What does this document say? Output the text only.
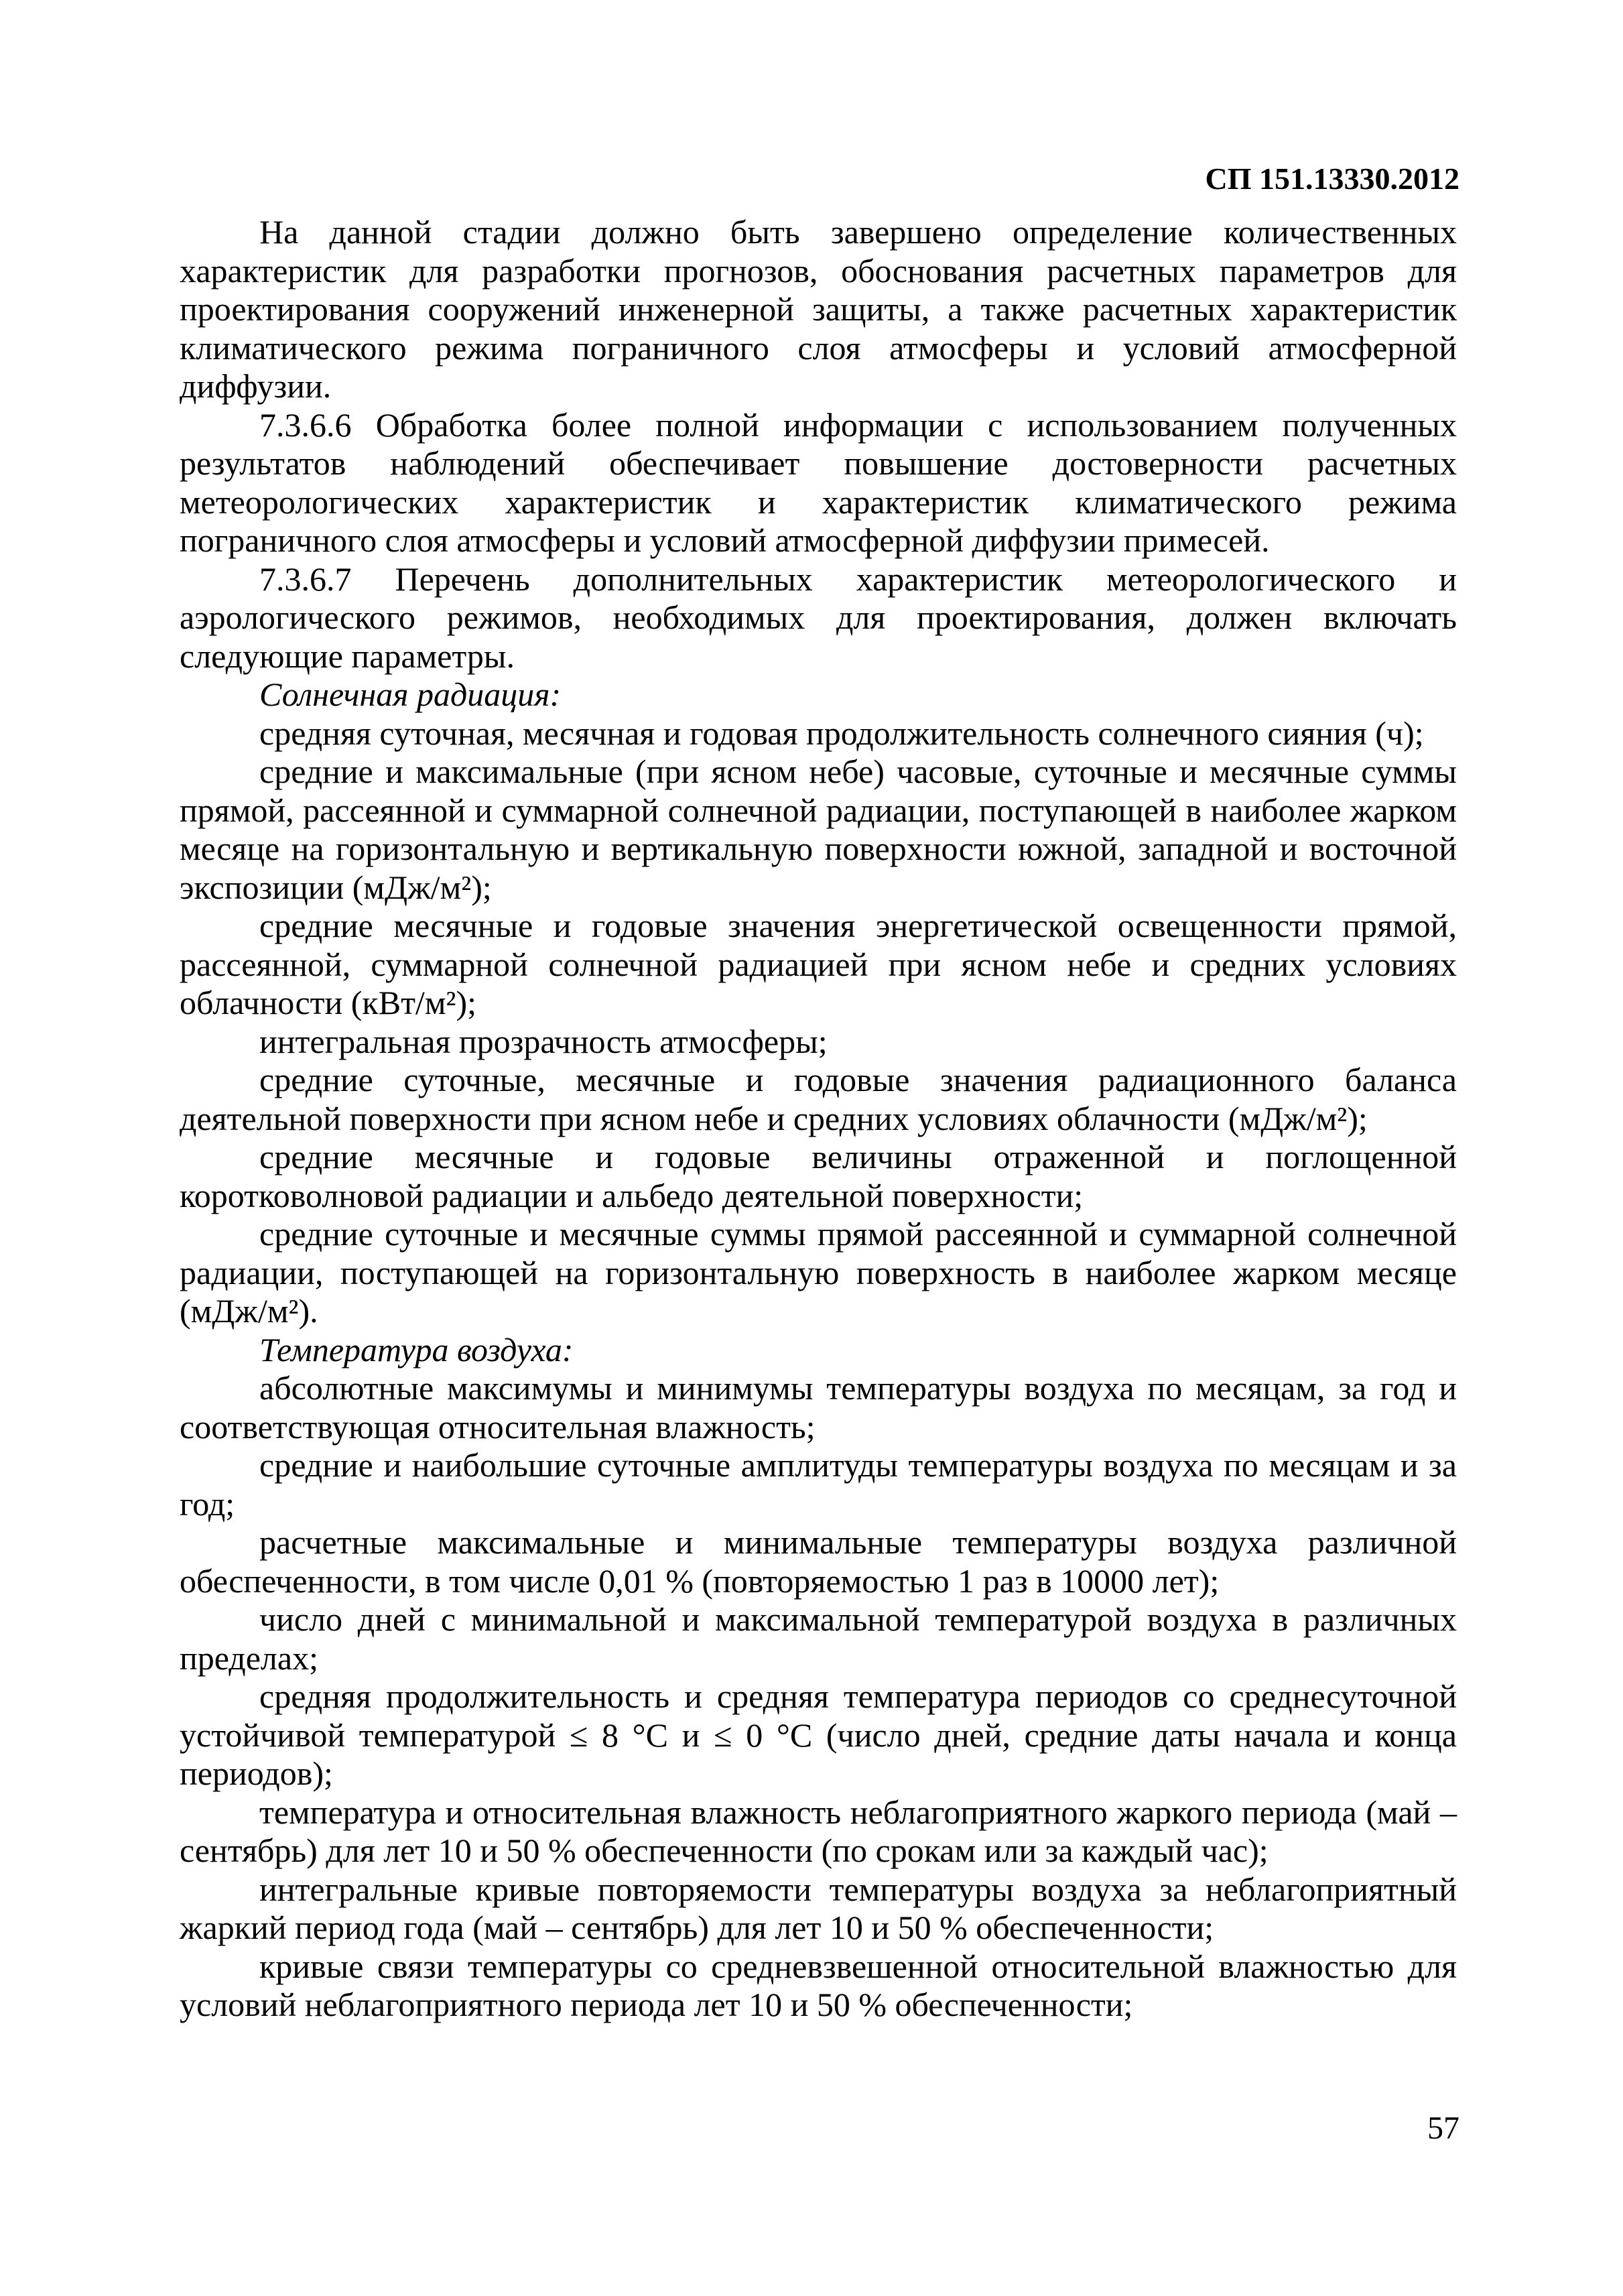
СП 151.13330.2012

На данной стадии должно быть завершено определение количественных характеристик для разработки прогнозов, обоснования расчетных параметров для проектирования сооружений инженерной защиты, а также расчетных характеристик климатического режима пограничного слоя атмосферы и условий атмосферной диффузии.

7.3.6.6 Обработка более полной информации с использованием полученных результатов наблюдений обеспечивает повышение достоверности расчетных метеорологических характеристик и характеристик климатического режима пограничного слоя атмосферы и условий атмосферной диффузии примесей.

7.3.6.7 Перечень дополнительных характеристик метеорологического и аэрологического режимов, необходимых для проектирования, должен включать следующие параметры.

Солнечная радиация:

средняя суточная, месячная и годовая продолжительность солнечного сияния (ч);

средние и максимальные (при ясном небе) часовые, суточные и месячные суммы прямой, рассеянной и суммарной солнечной радиации, поступающей в наиболее жарком месяце на горизонтальную и вертикальную поверхности южной, западной и восточной экспозиции (мДж/м²);

средние месячные и годовые значения энергетической освещенности прямой, рассеянной, суммарной солнечной радиацией при ясном небе и средних условиях облачности (кВт/м²);

интегральная прозрачность атмосферы;

средние суточные, месячные и годовые значения радиационного баланса деятельной поверхности при ясном небе и средних условиях облачности (мДж/м²);

средние месячные и годовые величины отраженной и поглощенной коротковолновой радиации и альбедо деятельной поверхности;

средние суточные и месячные суммы прямой рассеянной и суммарной солнечной радиации, поступающей на горизонтальную поверхность в наиболее жарком месяце (мДж/м²).

Температура воздуха:

абсолютные максимумы и минимумы температуры воздуха по месяцам, за год и соответствующая относительная влажность;

средние и наибольшие суточные амплитуды температуры воздуха по месяцам и за год;

расчетные максимальные и минимальные температуры воздуха различной обеспеченности, в том числе 0,01 % (повторяемостью 1 раз в 10000 лет);

число дней с минимальной и максимальной температурой воздуха в различных пределах;

средняя продолжительность и средняя температура периодов со среднесуточной устойчивой температурой ≤ 8 °С и ≤ 0 °С (число дней, средние даты начала и конца периодов);

температура и относительная влажность неблагоприятного жаркого периода (май – сентябрь) для лет 10 и 50 % обеспеченности (по срокам или за каждый час);

интегральные кривые повторяемости температуры воздуха за неблагоприятный жаркий период года (май – сентябрь) для лет 10 и 50 % обеспеченности;

кривые связи температуры со средневзвешенной относительной влажностью для условий неблагоприятного периода лет 10 и 50 % обеспеченности;

57
